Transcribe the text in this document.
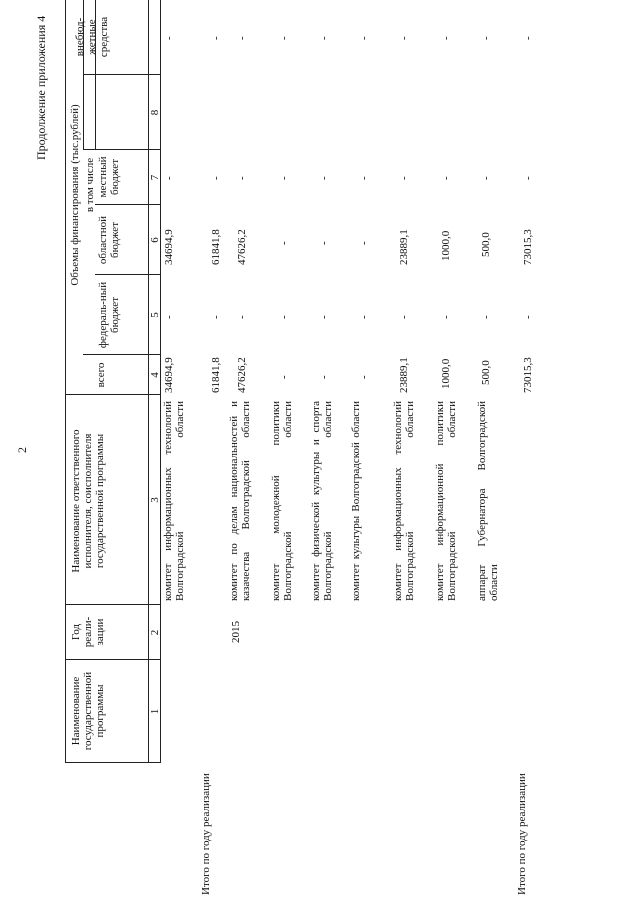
2
Продолжение приложения 4
Наименование государственной программы
Год реали-зации
Наименование ответственного исполнителя, соисполнителя государственной программы
Объемы финансирования (тыс.рублей)
всего
в том числе
федераль-ный бюджет
областной бюджет
местный бюджет
внебюд-жетные средства
1
2
3
4
5
6
7
8
комитет информационных технологий Волгоградской области
34694,9
-
34694,9
-
-
Итого по году реализации
61841,8
-
61841,8
-
-
2015
комитет по делам национальностей и казачества Волгоградской области
47626,2
-
47626,2
-
-
комитет молодежной политики Волгоградской области
-
-
-
-
-
комитет физической культуры и спорта Волгоградской области
-
-
-
-
-
комитет культуры Волгоградской области
-
-
-
-
-
комитет информационных технологий Волгоградской области
23889,1
-
23889,1
-
-
комитет информационной политики Волгоградской области
1000,0
-
1000,0
-
-
аппарат Губернатора Волгоградской области
500,0
-
500,0
-
-
Итого по году реализации
73015,3
-
73015,3
-
-
